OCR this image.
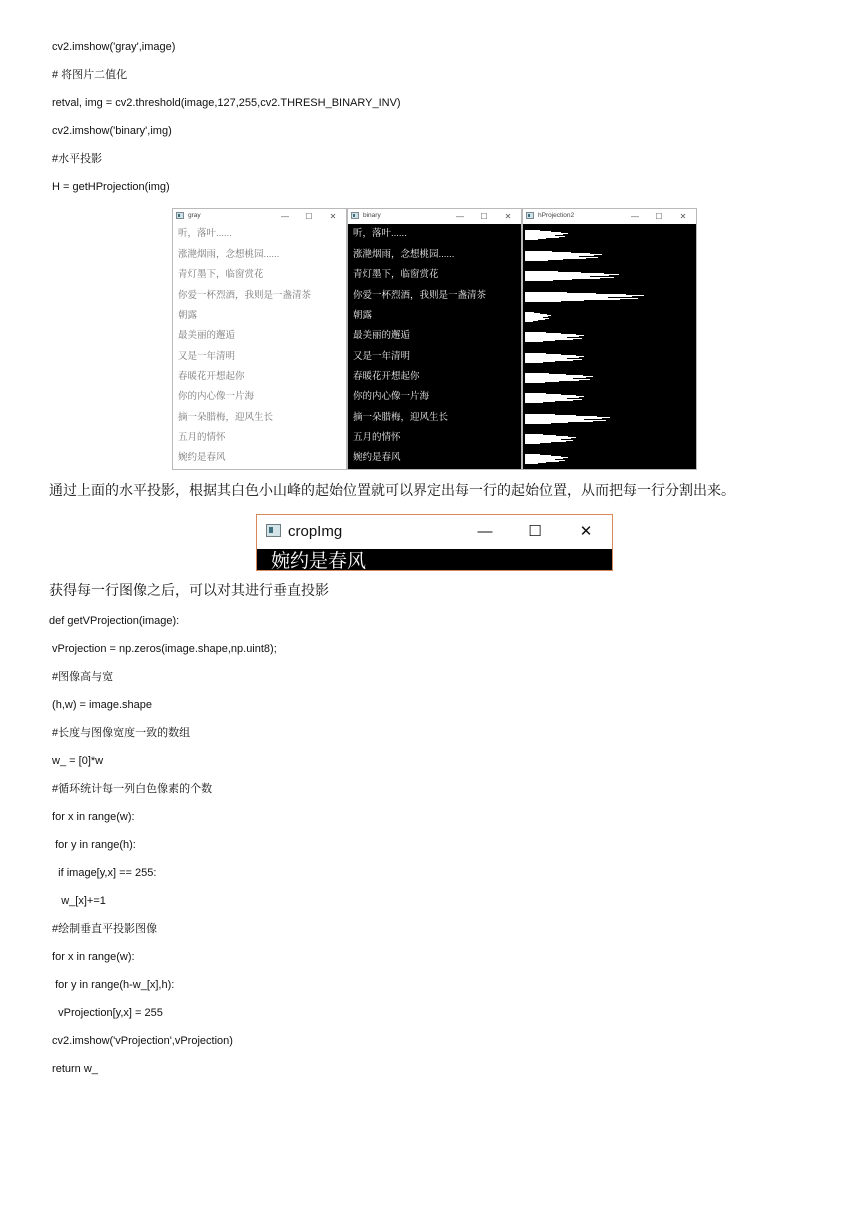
cv2.imshow('gray',image)
# 将图片二值化
retval, img = cv2.threshold(image,127,255,cv2.THRESH_BINARY_INV)
cv2.imshow('binary',img)
#水平投影
H = getHProjection(img)
gray	—	☐	✕
听，落叶......
涨滟烟雨，念想桃园......
青灯墨下，临窗赏花
你爱一杯烈酒，我则是一盏清茶
朝露
最美丽的邂逅
又是一年清明
春暖花开想起你
你的内心像一片海
摘一朵腊梅，迎风生长
五月的情怀
婉约是春风
binary	—	☐	✕
听，落叶......
涨滟烟雨，念想桃园......
青灯墨下，临窗赏花
你爱一杯烈酒，我则是一盏清茶
朝露
最美丽的邂逅
又是一年清明
春暖花开想起你
你的内心像一片海
摘一朵腊梅，迎风生长
五月的情怀
婉约是春风
hProjection2	—	☐	✕
通过上面的水平投影，根据其白色小山峰的起始位置就可以界定出每一行的起始位置，从而把每一行分割出来。
cropImg	—	☐	✕
婉约是春风
获得每一行图像之后，可以对其进行垂直投影
def getVProjection(image):
vProjection = np.zeros(image.shape,np.uint8);
#图像高与宽
(h,w) = image.shape
#长度与图像宽度一致的数组
w_ = [0]*w
#循环统计每一列白色像素的个数
for x in range(w):
for y in range(h):
if image[y,x] == 255:
w_[x]+=1
#绘制垂直平投影图像
for x in range(w):
for y in range(h-w_[x],h):
vProjection[y,x] = 255
cv2.imshow('vProjection',vProjection)
return w_
